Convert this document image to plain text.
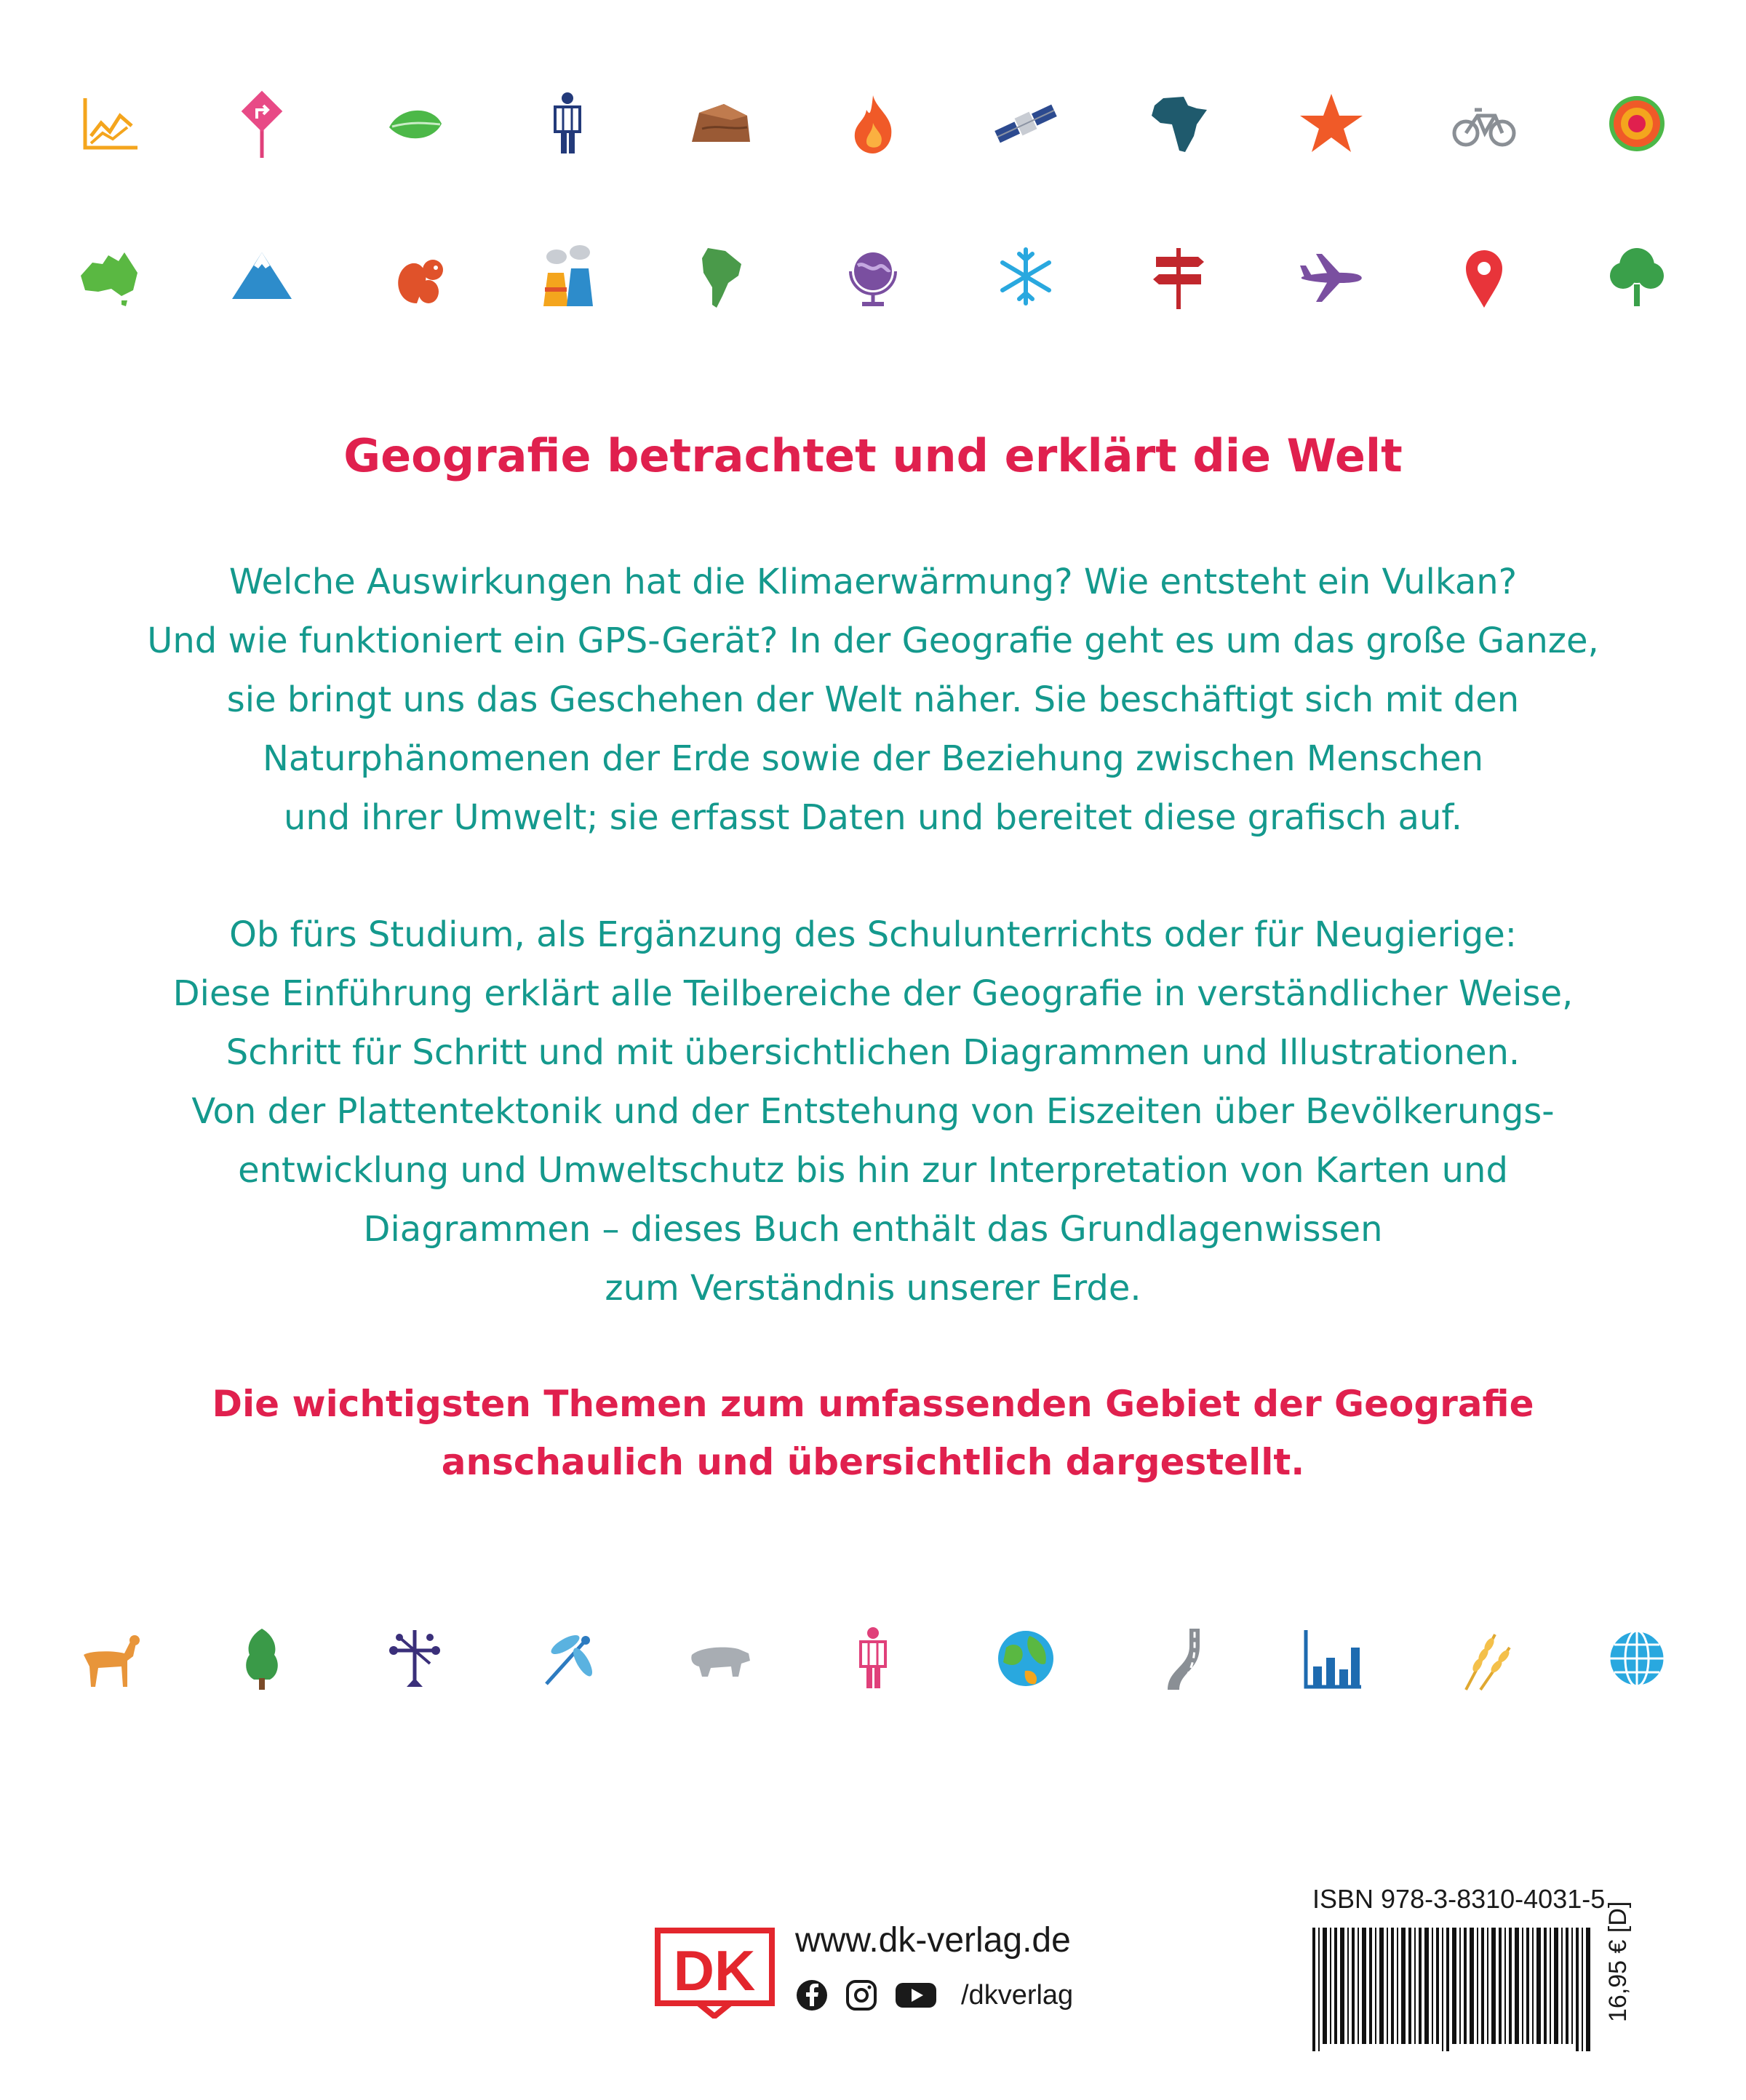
Geografie betrachtet und erklärt die Welt

Welche Auswirkungen hat die Klimaerwärmung? Wie entsteht ein Vulkan?
Und wie funktioniert ein GPS-Gerät? In der Geografie geht es um das große Ganze,
sie bringt uns das Geschehen der Welt näher. Sie beschäftigt sich mit den
Naturphänomenen der Erde sowie der Beziehung zwischen Menschen
und ihrer Umwelt; sie erfasst Daten und bereitet diese grafisch auf.

Ob fürs Studium, als Ergänzung des Schulunterrichts oder für Neugierige:
Diese Einführung erklärt alle Teilbereiche der Geografie in verständlicher Weise,
Schritt für Schritt und mit übersichtlichen Diagrammen und Illustrationen.
Von der Plattentektonik und der Entstehung von Eiszeiten über Bevölkerungs-
entwicklung und Umweltschutz bis hin zur Interpretation von Karten und
Diagrammen – dieses Buch enthält das Grundlagenwissen
zum Verständnis unserer Erde.

Die wichtigsten Themen zum umfassenden Gebiet der Geografie
anschaulich und übersichtlich dargestellt.

DK www.dk-verlag.de
/dkverlag
ISBN 978-3-8310-4031-5
16,95 € [D]
